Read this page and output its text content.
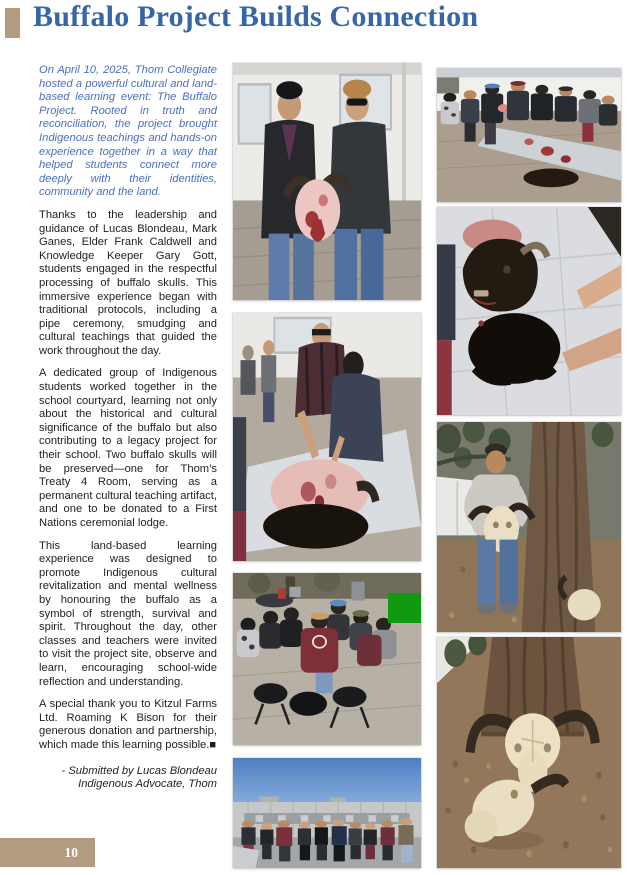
Buffalo Project Builds Connection

On April 10, 2025, Thom Collegiate hosted a powerful cultural and land-based learning event: The Buffalo Project. Rooted in truth and reconciliation, the project brought Indigenous teachings and hands-on experience together in a way that helped students connect more deeply with their identities, community and the land.

Thanks to the leadership and guidance of Lucas Blondeau, Mark Ganes, Elder Frank Caldwell and Knowledge Keeper Gary Gott, students engaged in the respectful processing of buffalo skulls. This immersive experience began with traditional protocols, including a pipe ceremony, smudging and cultural teachings that guided the work throughout the day.

A dedicated group of Indigenous students worked together in the school courtyard, learning not only about the historical and cultural significance of the buffalo but also contributing to a legacy project for their school. Two buffalo skulls will be preserved—one for Thom’s Treaty 4 Room, serving as a permanent cultural teaching artifact, and one to be donated to a First Nations ceremonial lodge.

This land-based learning experience was designed to promote Indigenous cultural revitalization and mental wellness by honouring the buffalo as a symbol of strength, survival and spirit. Throughout the day, other classes and teachers were invited to visit the project site, observe and learn, encouraging school-wide reflection and understanding.

A special thank you to Kitzul Farms Ltd. Roaming K Bison for their generous donation and partnership, which made this learning possible.■

- Submitted by Lucas Blondeau
Indigenous Advocate, Thom
10
